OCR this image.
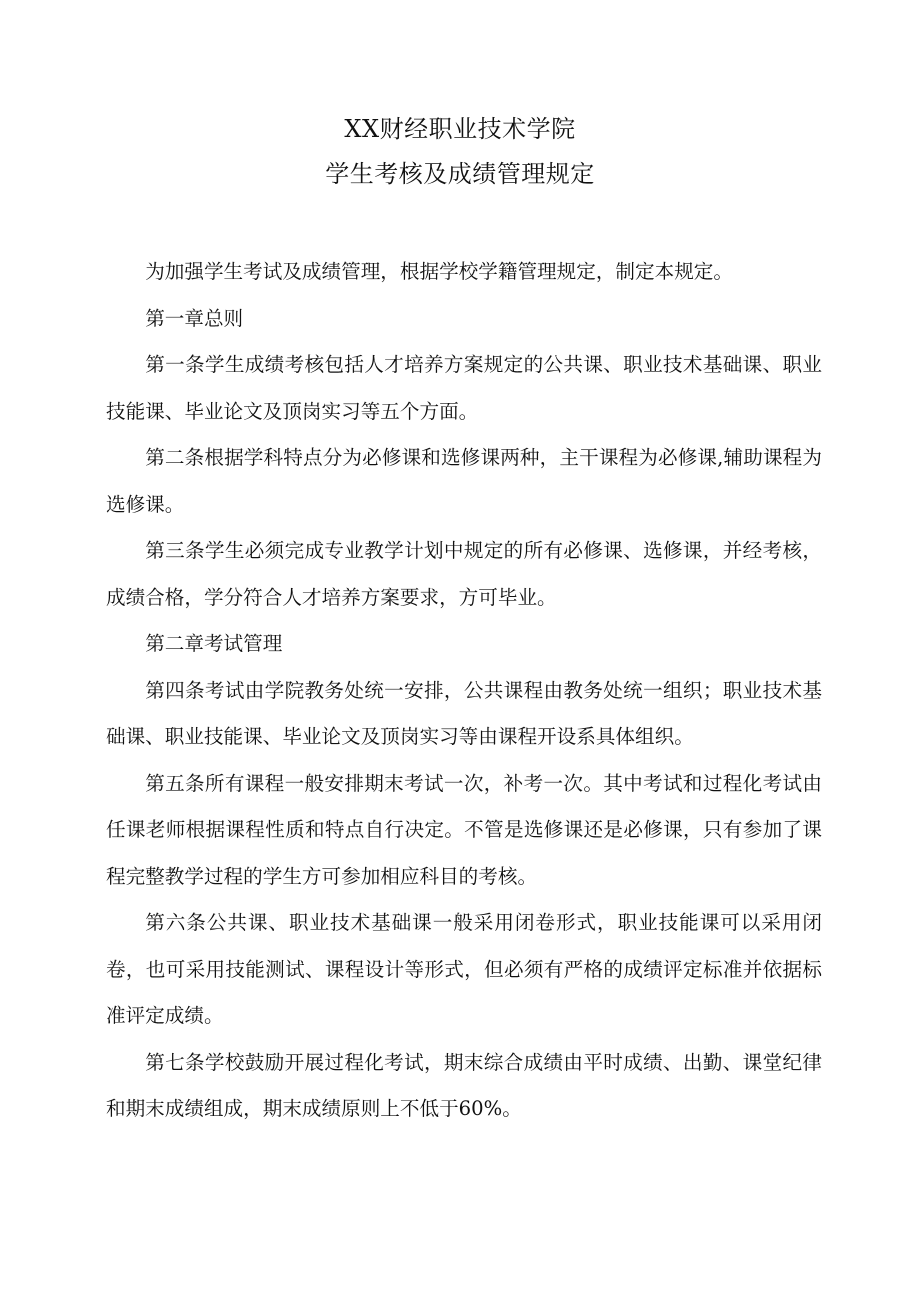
XX财经职业技术学院
学生考核及成绩管理规定

为加强学生考试及成绩管理，根据学校学籍管理规定，制定本规定。

第一章总则

第一条学生成绩考核包括人才培养方案规定的公共课、职业技术基础课、职业技能课、毕业论文及顶岗实习等五个方面。

第二条根据学科特点分为必修课和选修课两种，主干课程为必修课,辅助课程为选修课。

第三条学生必须完成专业教学计划中规定的所有必修课、选修课，并经考核，成绩合格，学分符合人才培养方案要求，方可毕业。

第二章考试管理

第四条考试由学院教务处统一安排，公共课程由教务处统一组织；职业技术基础课、职业技能课、毕业论文及顶岗实习等由课程开设系具体组织。

第五条所有课程一般安排期末考试一次，补考一次。其中考试和过程化考试由任课老师根据课程性质和特点自行决定。不管是选修课还是必修课，只有参加了课程完整教学过程的学生方可参加相应科目的考核。

第六条公共课、职业技术基础课一般采用闭卷形式，职业技能课可以采用闭卷，也可采用技能测试、课程设计等形式，但必须有严格的成绩评定标准并依据标准评定成绩。

第七条学校鼓励开展过程化考试，期末综合成绩由平时成绩、出勤、课堂纪律和期末成绩组成，期末成绩原则上不低于60%。
